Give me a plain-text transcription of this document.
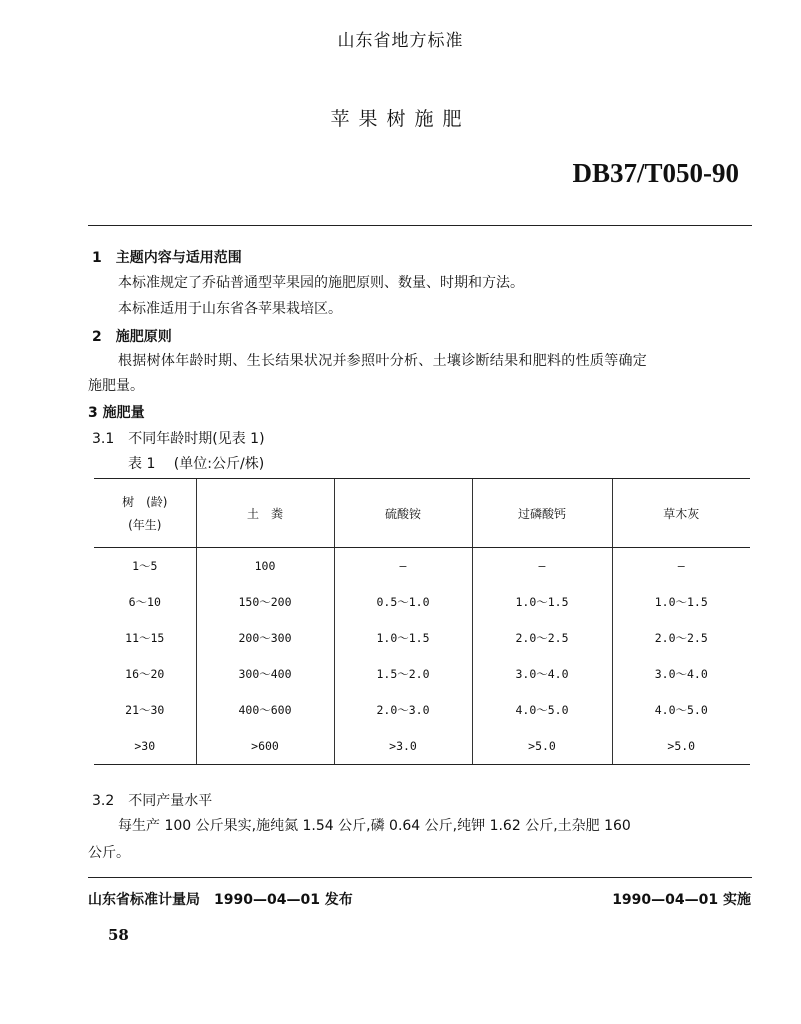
山东省地方标准
苹果树施肥
DB37/T050-90
1　主题内容与适用范围
本标准规定了乔砧普通型苹果园的施肥原则、数量、时期和方法。
本标准适用于山东省各苹果栽培区。
2　施肥原则
根据树体年龄时期、生长结果状况并参照叶分析、土壤诊断结果和肥料的性质等确定
施肥量。
3 施肥量
3.1　不同年龄时期(见表 1)
表 1　 (单位:公斤/株)
树　(龄)
(年生)	土　粪	硫酸铵	过磷酸钙	草木灰
1～5	100	—	—	—
6～10	150～200	0.5～1.0	1.0～1.5	1.0～1.5
11～15	200～300	1.0～1.5	2.0～2.5	2.0～2.5
16～20	300～400	1.5～2.0	3.0～4.0	3.0～4.0
21～30	400～600	2.0～3.0	4.0～5.0	4.0～5.0
>30	>600	>3.0	>5.0	>5.0
3.2　不同产量水平
每生产 100 公斤果实,施纯氮 1.54 公斤,磷 0.64 公斤,纯钾 1.62 公斤,土杂肥 160
公斤。
山东省标准计量局　1990—04—01 发布	1990—04—01 实施
58
